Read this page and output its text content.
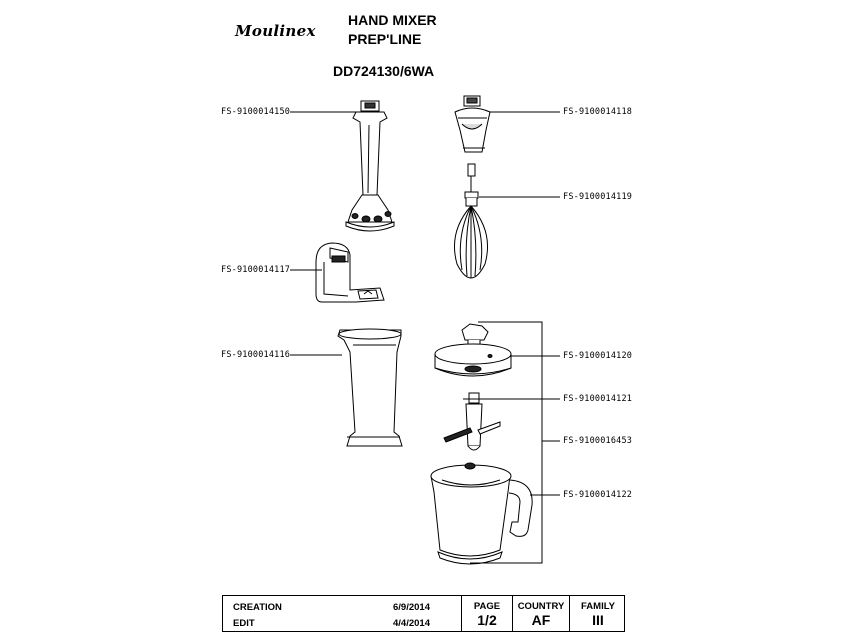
Moulinex
HAND MIXER
PREP'LINE
DD724130/6WA
FS-9100014150	FS-9100014118
FS-9100014119
FS-9100014117
FS-9100014116	FS-9100014120
FS-9100014121
FS-9100016453
FS-9100014122
CREATION	6/9/2014
EDIT	4/4/2014
PAGE
1/2
COUNTRY
AF
FAMILY
III
